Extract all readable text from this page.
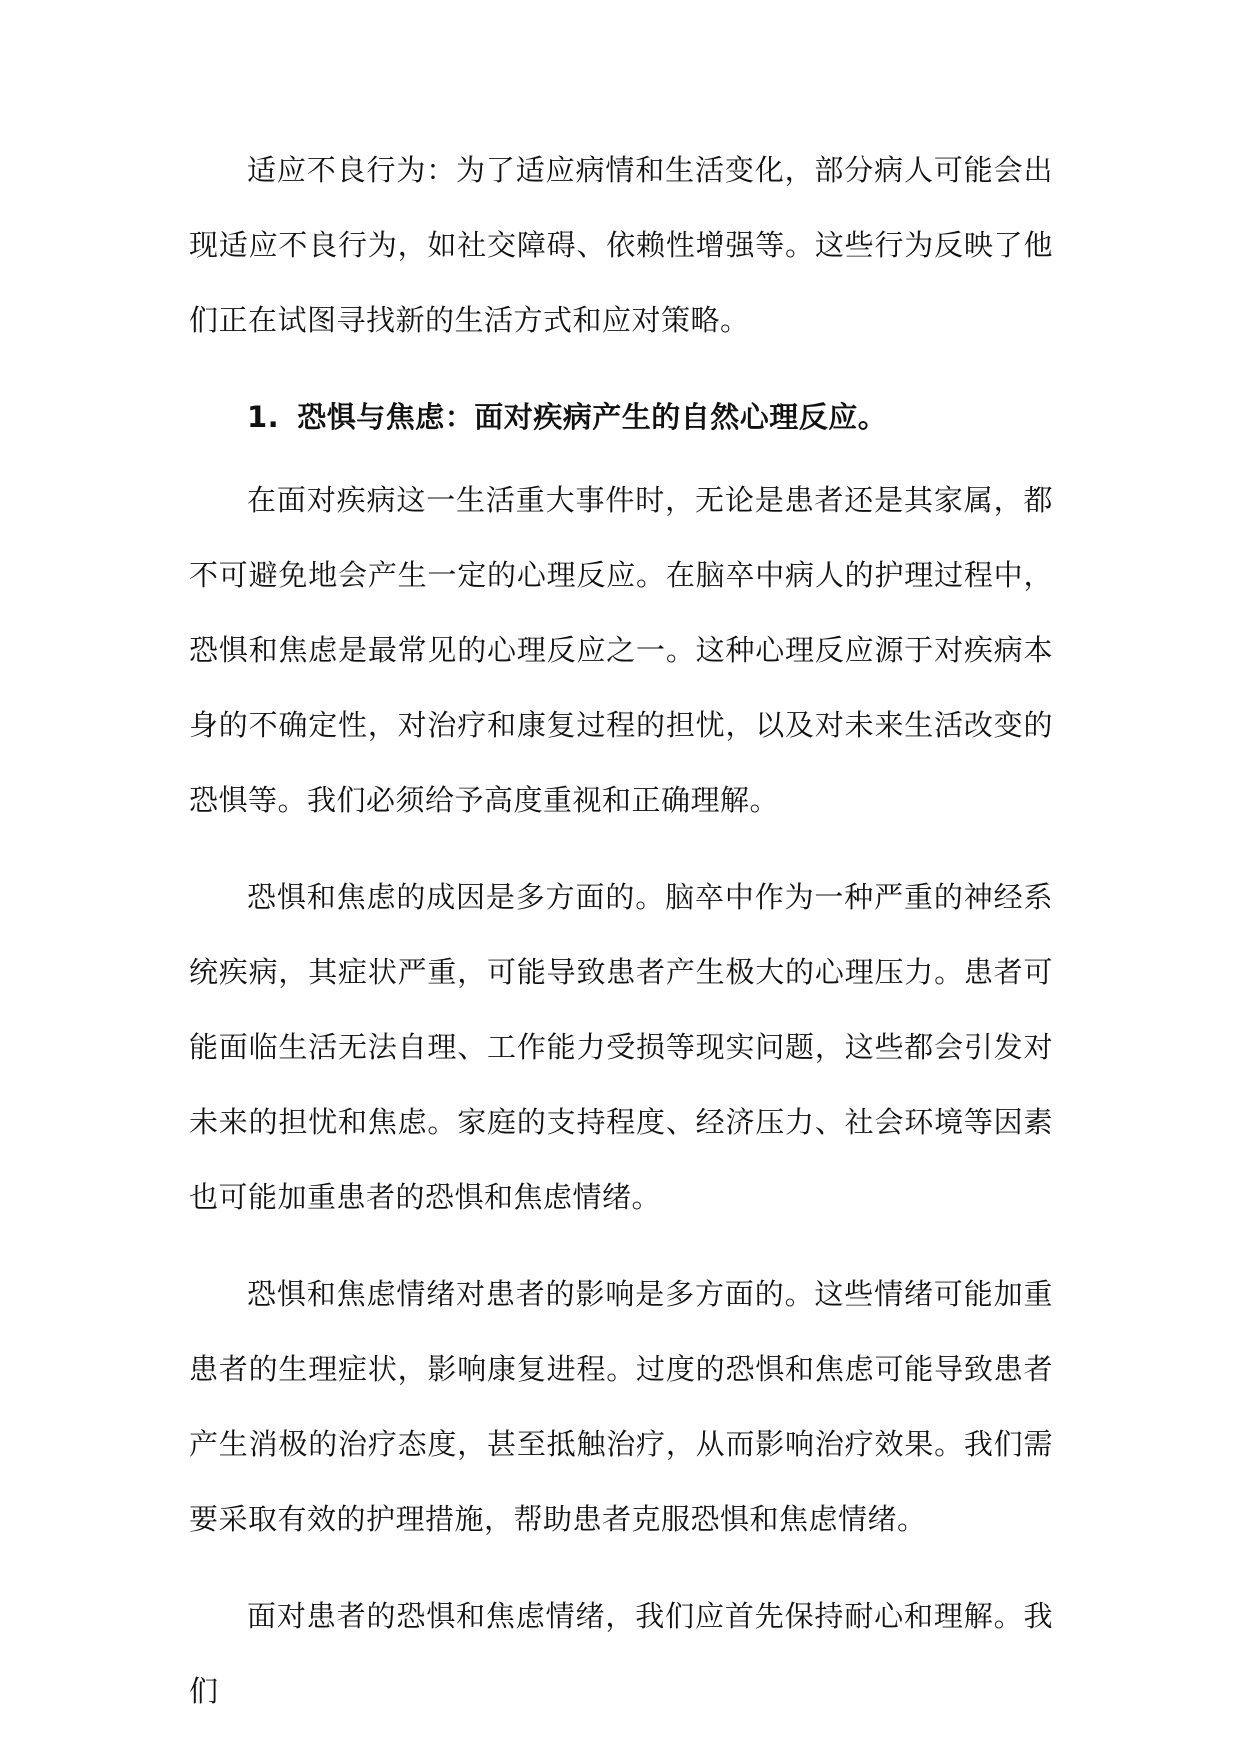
适应不良行为：为了适应病情和生活变化，部分病人可能会出现适应不良行为，如社交障碍、依赖性增强等。这些行为反映了他们正在试图寻找新的生活方式和应对策略。

1. 恐惧与焦虑：面对疾病产生的自然心理反应。

在面对疾病这一生活重大事件时，无论是患者还是其家属，都不可避免地会产生一定的心理反应。在脑卒中病人的护理过程中，恐惧和焦虑是最常见的心理反应之一。这种心理反应源于对疾病本身的不确定性，对治疗和康复过程的担忧，以及对未来生活改变的恐惧等。我们必须给予高度重视和正确理解。

恐惧和焦虑的成因是多方面的。脑卒中作为一种严重的神经系统疾病，其症状严重，可能导致患者产生极大的心理压力。患者可能面临生活无法自理、工作能力受损等现实问题，这些都会引发对未来的担忧和焦虑。家庭的支持程度、经济压力、社会环境等因素也可能加重患者的恐惧和焦虑情绪。

恐惧和焦虑情绪对患者的影响是多方面的。这些情绪可能加重患者的生理症状，影响康复进程。过度的恐惧和焦虑可能导致患者产生消极的治疗态度，甚至抵触治疗，从而影响治疗效果。我们需要采取有效的护理措施，帮助患者克服恐惧和焦虑情绪。

面对患者的恐惧和焦虑情绪，我们应首先保持耐心和理解。我们
